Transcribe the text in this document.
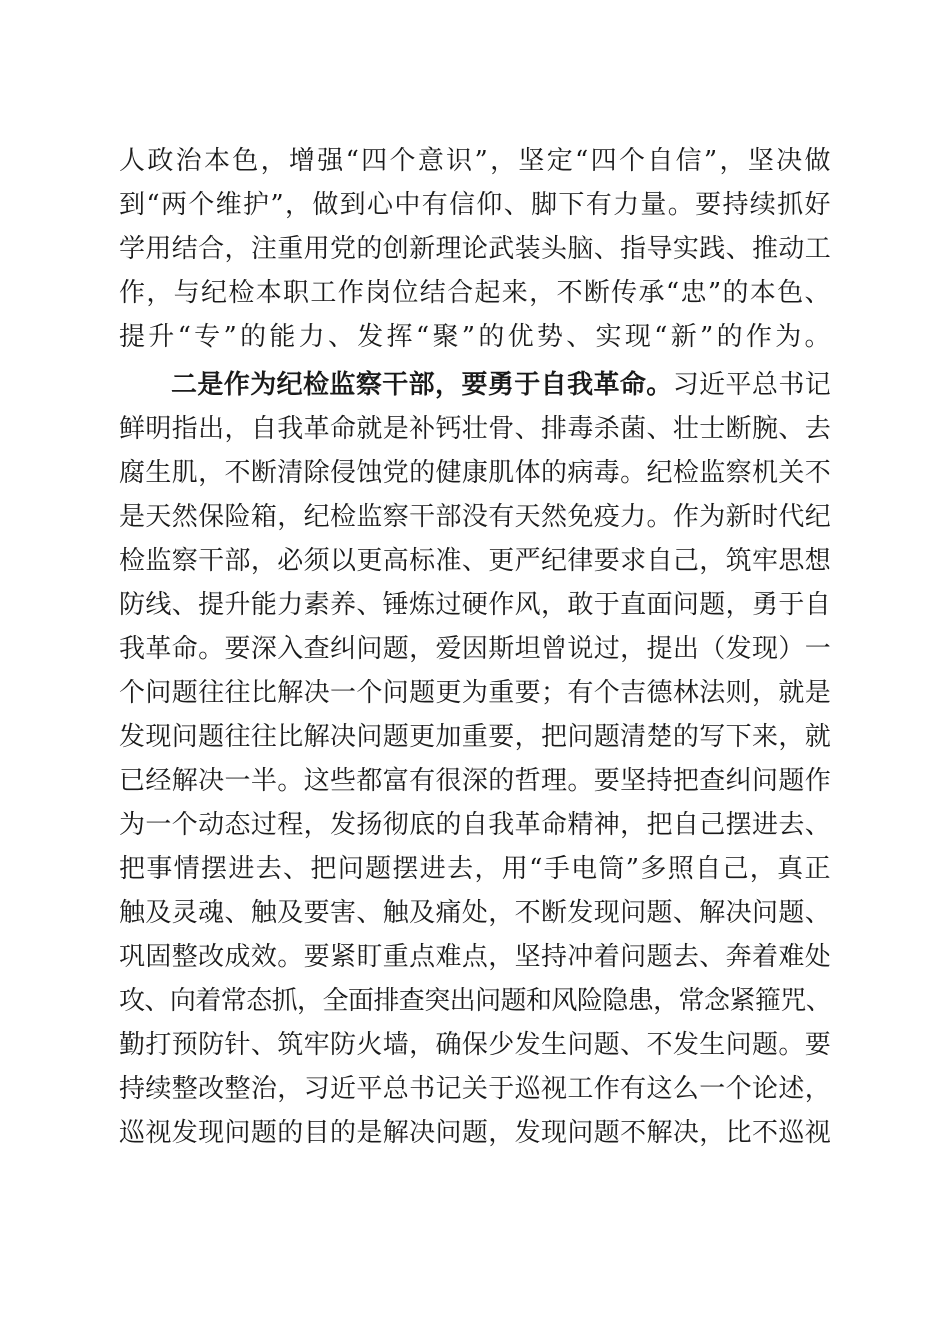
人政治本色，增强“四个意识”，坚定“四个自信”，坚决做
到“两个维护”，做到心中有信仰、脚下有力量。要持续抓好
学用结合，注重用党的创新理论武装头脑、指导实践、推动工
作，与纪检本职工作岗位结合起来，不断传承“忠”的本色、
提升“专”的能力、发挥“聚”的优势、实现“新”的作为。
二是作为纪检监察干部，要勇于自我革命。习近平总书记
鲜明指出，自我革命就是补钙壮骨、排毒杀菌、壮士断腕、去
腐生肌，不断清除侵蚀党的健康肌体的病毒。纪检监察机关不
是天然保险箱，纪检监察干部没有天然免疫力。作为新时代纪
检监察干部，必须以更高标准、更严纪律要求自己，筑牢思想
防线、提升能力素养、锤炼过硬作风，敢于直面问题，勇于自
我革命。要深入查纠问题，爱因斯坦曾说过，提出（发现）一
个问题往往比解决一个问题更为重要；有个吉德林法则，就是
发现问题往往比解决问题更加重要，把问题清楚的写下来，就
已经解决一半。这些都富有很深的哲理。要坚持把查纠问题作
为一个动态过程，发扬彻底的自我革命精神，把自己摆进去、
把事情摆进去、把问题摆进去，用“手电筒”多照自己，真正
触及灵魂、触及要害、触及痛处，不断发现问题、解决问题、
巩固整改成效。要紧盯重点难点，坚持冲着问题去、奔着难处
攻、向着常态抓，全面排查突出问题和风险隐患，常念紧箍咒、
勤打预防针、筑牢防火墙，确保少发生问题、不发生问题。要
持续整改整治，习近平总书记关于巡视工作有这么一个论述，
巡视发现问题的目的是解决问题，发现问题不解决，比不巡视
